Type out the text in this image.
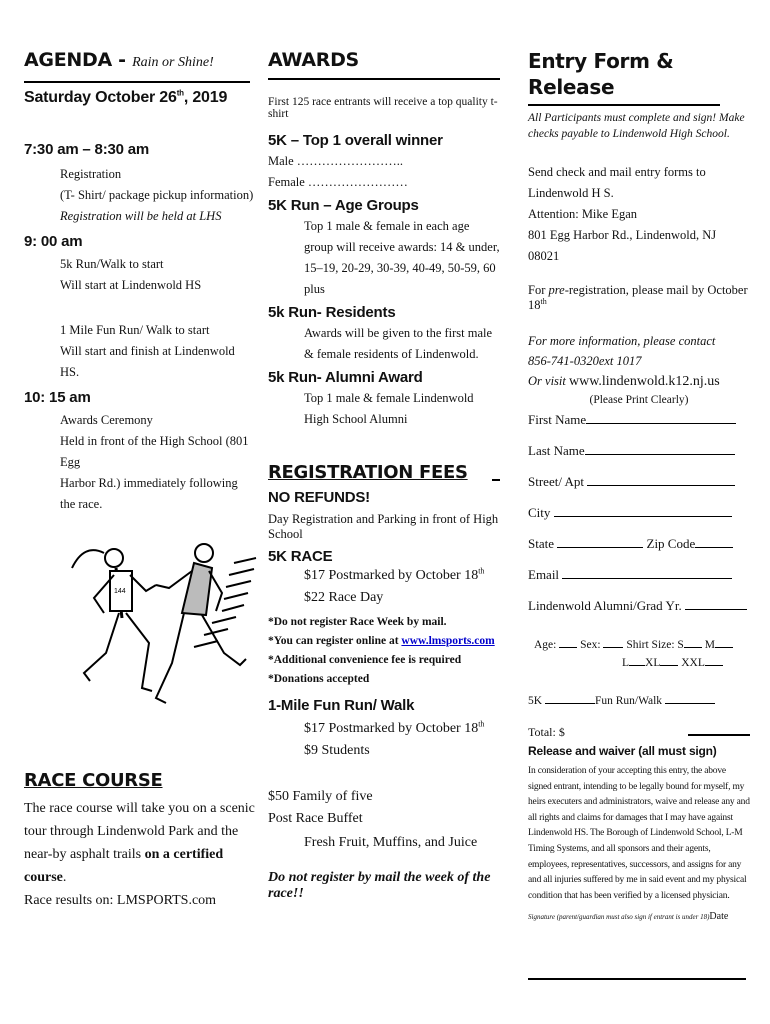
AGENDA - Rain or Shine!
Saturday October 26th, 2019
7:30 am – 8:30 am
Registration
(T- Shirt/ package pickup information)
Registration will be held at LHS
9: 00 am
5k Run/Walk to start
Will start at Lindenwold HS
1 Mile Fun Run/ Walk to start
Will start and finish at Lindenwold HS.
10: 15 am
Awards Ceremony
Held in front of the High School (801 Egg
Harbor Rd.) immediately following the race.
144
RACE COURSE
The race course will take you on a scenic tour through Lindenwold Park and the near-by asphalt trails on a certified course.
Race results on: LMSPORTS.com
AWARDS
First 125 race entrants will receive a top quality t- shirt
5K – Top 1 overall winner
Male ……………………..
Female ……………………
5K Run – Age Groups
Top 1 male & female in each age group will receive awards: 14 & under, 15–19, 20-29, 30-39, 40-49, 50-59, 60 plus
5k Run- Residents
Awards will be given to the first male & female residents of Lindenwold.
5k Run- Alumni Award
Top 1 male & female Lindenwold High School Alumni
REGISTRATION FEES
NO REFUNDS!
Day Registration and Parking in front of High School
5K RACE
$17 Postmarked by October 18th
$22 Race Day
*Do not register Race Week by mail.
*You can register online at www.lmsports.com
*Additional convenience fee is required
*Donations accepted
1-Mile Fun Run/ Walk
$17 Postmarked by October 18th
$9 Students
$50 Family of five
Post Race Buffet
Fresh Fruit, Muffins, and Juice
Do not register by mail the week of the race!!
Entry Form & Release
All Participants must complete and sign! Make checks payable to Lindenwold High School.
Send check and mail entry forms to
Lindenwold H S.
Attention: Mike Egan
801 Egg Harbor Rd., Lindenwold, NJ 08021
For pre-registration, please mail by October 18th
For more information, please contact
856-741-0320ext 1017
Or visit www.lindenwold.k12.nj.us
(Please Print Clearly)
First Name
Last Name
Street/ Apt
City
State	Zip Code
Email
Lindenwold Alumni/Grad Yr.
Age: Sex: Shirt Size: S M
L XL XXL
5K	Fun Run/Walk
Total: $
Release and waiver (all must sign)
In consideration of your accepting this entry, the above signed entrant, intending to be legally bound for myself, my heirs executers and administrators, waive and release any and all rights and claims for damages that I may have against Lindenwold HS. The Borough of Lindenwold School, L-M Timing Systems, and all sponsors and their agents, employees, representatives, successors, and assigns for any and all injuries suffered by me in said event and my physical condition that has been verified by a licensed physician.
Signature (parent/guardian must also sign if entrant is under 18)Date
